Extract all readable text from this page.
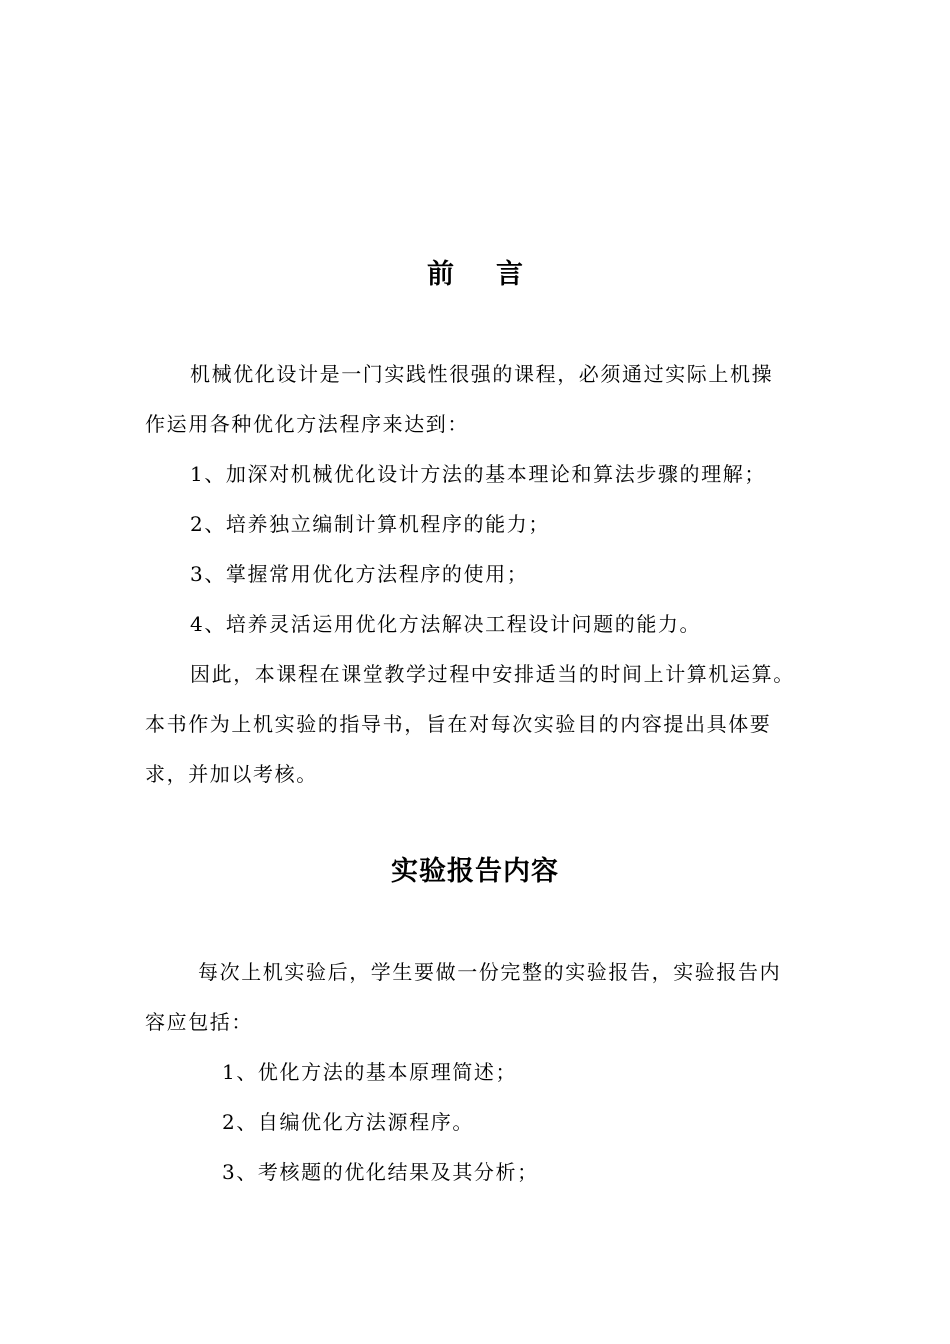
前言

机械优化设计是一门实践性很强的课程，必须通过实际上机操

作运用各种优化方法程序来达到：

1、加深对机械优化设计方法的基本理论和算法步骤的理解；

2、培养独立编制计算机程序的能力；

3、掌握常用优化方法程序的使用；

4、培养灵活运用优化方法解决工程设计问题的能力。

因此，本课程在课堂教学过程中安排适当的时间上计算机运算。

本书作为上机实验的指导书，旨在对每次实验目的内容提出具体要

求，并加以考核。

实验报告内容

每次上机实验后，学生要做一份完整的实验报告，实验报告内

容应包括：

1、优化方法的基本原理简述；

2、自编优化方法源程序。

3、考核题的优化结果及其分析；
